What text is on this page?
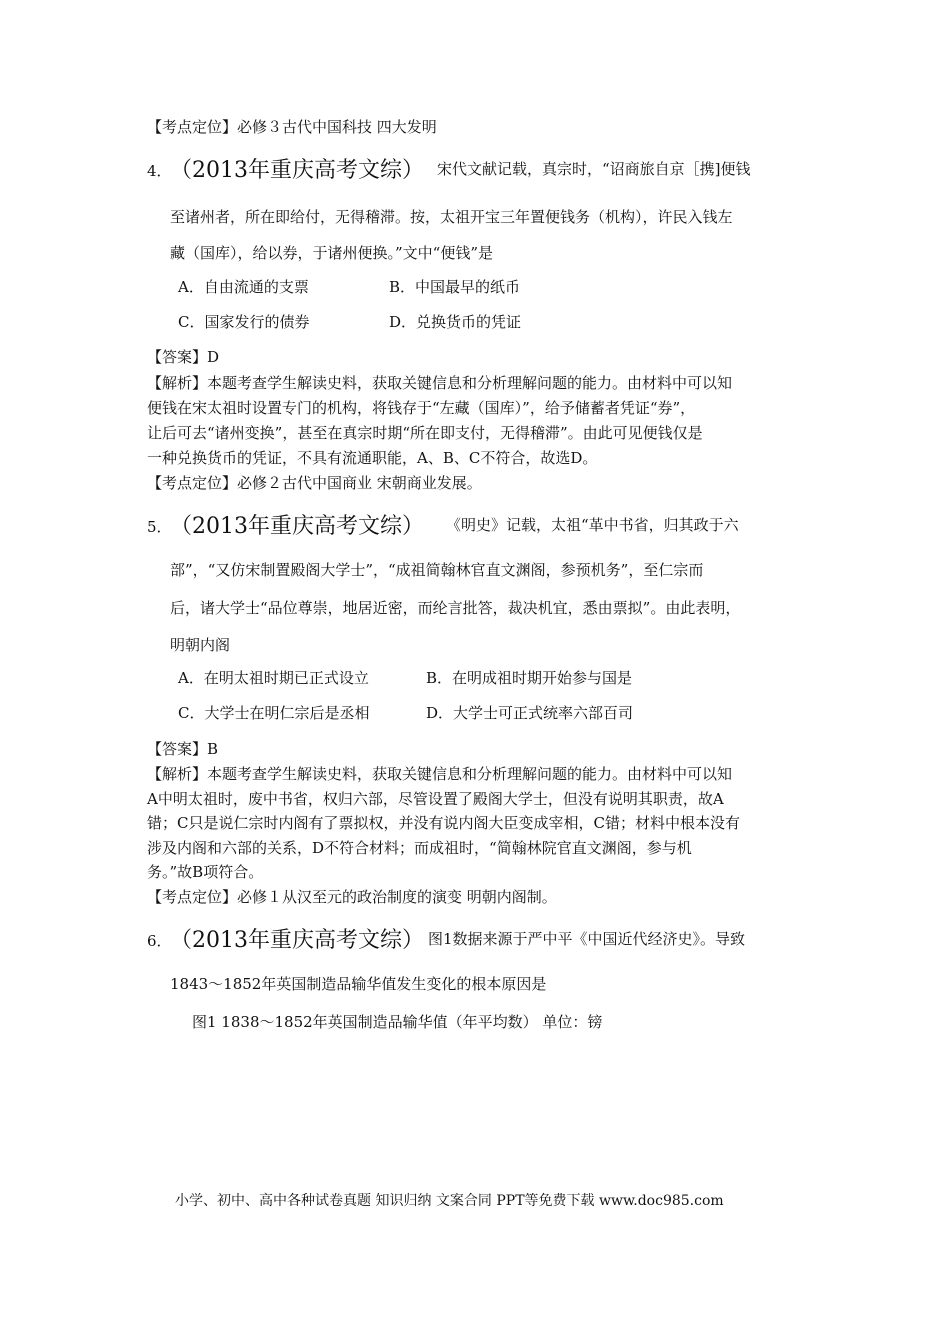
【考点定位】必修３古代中国科技 四大发明
4．
（2013年重庆高考文综） 宋代文献记载，真宗时，“诏商旅自京［携]便钱
至诸州者，所在即给付，无得稽滞。按，太祖开宝三年置便钱务（机构），许民入钱左
藏（国库），给以券，于诸州便换。”文中“便钱”是
A．自由流通的支票	B．中国最早的纸币
C．国家发行的债券	D．兑换货币的凭证
【答案】D
【解析】本题考查学生解读史料，获取关键信息和分析理解问题的能力。由材料中可以知
便钱在宋太祖时设置专门的机构，将钱存于“左藏（国库）”，给予储蓄者凭证“券”，
让后可去“诸州变换”，甚至在真宗时期“所在即支付，无得稽滞”。由此可见便钱仅是
一种兑换货币的凭证，不具有流通职能，A、B、C不符合，故选D。
【考点定位】必修２古代中国商业 宋朝商业发展。
5．
（2013年重庆高考文综） 《明史》记载，太祖“革中书省，归其政于六
部”，“又仿宋制置殿阁大学士”，“成祖简翰林官直文渊阁，参预机务”，至仁宗而
后，诸大学士“品位尊崇，地居近密，而纶言批答，裁决机宜，悉由票拟”。由此表明，
明朝内阁
A．在明太祖时期已正式设立	B．在明成祖时期开始参与国是
C．大学士在明仁宗后是丞相	D．大学士可正式统率六部百司
【答案】B
【解析】本题考查学生解读史料，获取关键信息和分析理解问题的能力。由材料中可以知
A中明太祖时，废中书省，权归六部，尽管设置了殿阁大学士，但没有说明其职责，故A
错；C只是说仁宗时内阁有了票拟权，并没有说内阁大臣变成宰相，C错；材料中根本没有
涉及内阁和六部的关系，D不符合材料；而成祖时，“简翰林院官直文渊阁，参与机
务。”故B项符合。
【考点定位】必修１从汉至元的政治制度的演变 明朝内阁制。
6．
（2013年重庆高考文综） 图1数据来源于严中平《中国近代经济史》。导致
1843～1852年英国制造品输华值发生变化的根本原因是
图1 1838～1852年英国制造品输华值（年平均数） 单位：镑
小学、初中、高中各种试卷真题 知识归纳 文案合同 PPT等免费下载 www.doc985.com
